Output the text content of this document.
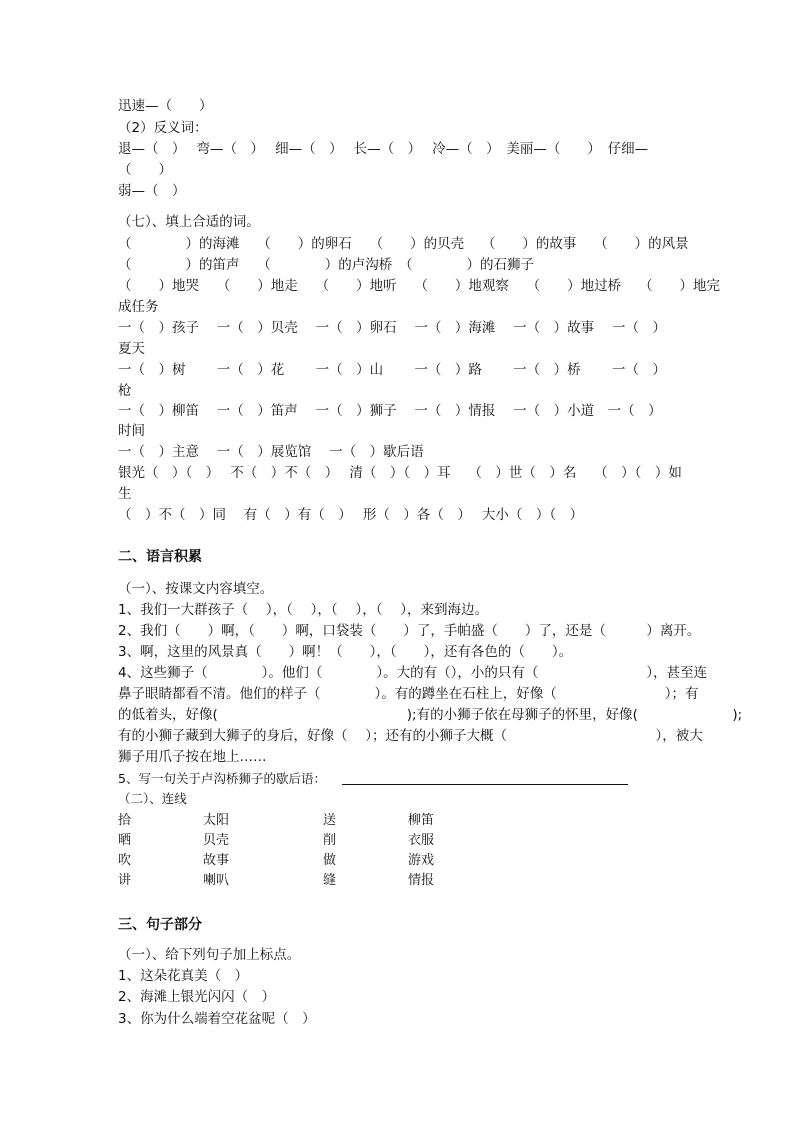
迅速—（　　）
（2）反义词：
退—（　）　 弯—（　）　 细—（　）　 长—（　）　 冷—（　）　美丽—（　　）　仔细—
（　　）
弱—（　）
（七）、填上合适的词。
（　　　　）的海滩　 （　　）的卵石　 （　　）的贝壳　 （　　）的故事　 （　　）的风景
（　　　　）的笛声　 （　　　　）的卢沟桥　（　　　　）的石狮子
（　　）地哭　 （　　）地走　 （　　）地听　 （　　）地观察　 （　　）地过桥　 （　　）地完
成任务
一（　）孩子　 一（　）贝壳　 一（　）卵石　 一（　）海滩　 一（　）故事　 一（　）
夏天
一（　）树　　 一（　）花　　 一（　）山　　 一（　）路　　 一（　）桥　　 一（　）
枪
一（　）柳笛　 一（　）笛声　 一（　）狮子　 一（　）情报　 一（　）小道　一（　）
时间
一（　）主意　 一（　）展览馆　 一（　）歇后语
银光（　）（　）　 不（　）不（　）　 清（　）（　）耳　 （　）世（　）名　 （　）（　）如
生
（　）不（　）同　 有（　）有（　）　 形（　）各（　）　 大小（　）（　）
二、语言积累
（一）、按课文内容填空。
1、我们一大群孩子（　 ），（　 ），（　 ），（　 ），来到海边。
2、我们（　　）啊，（　　）啊，口袋装（　　）了，手帕盛（　　）了，还是（　　　）离开。
3、啊，这里的风景真（　　）啊！（　　），（　　），还有各色的（　　）。
4、这些狮子（　　　　）。他们（　　　　）。大的有（），小的只有（　　　　　　　　），甚至连
鼻子眼睛都看不清。他们的样子（　　　　）。有的蹲坐在石柱上，好像（　　　　　　　　）；有
的低着头，好像(　　　　　　　　　　　　　　);有的小狮子依在母狮子的怀里，好像(　　　　　　　);
有的小狮子藏到大狮子的身后，好像（　 ）；还有的小狮子大概（　　　　　　　　　　　），被大
狮子用爪子按在地上……
5、写一句关于卢沟桥狮子的歇后语：
（二）、连线
拾
晒
吹
讲
太阳
贝壳
故事
喇叭
送
削
做
缝
柳笛
衣服
游戏
情报
三、句子部分
（一）、给下列句子加上标点。
1、这朵花真美（　）
2、海滩上银光闪闪（　）
3、你为什么端着空花盆呢（　）
